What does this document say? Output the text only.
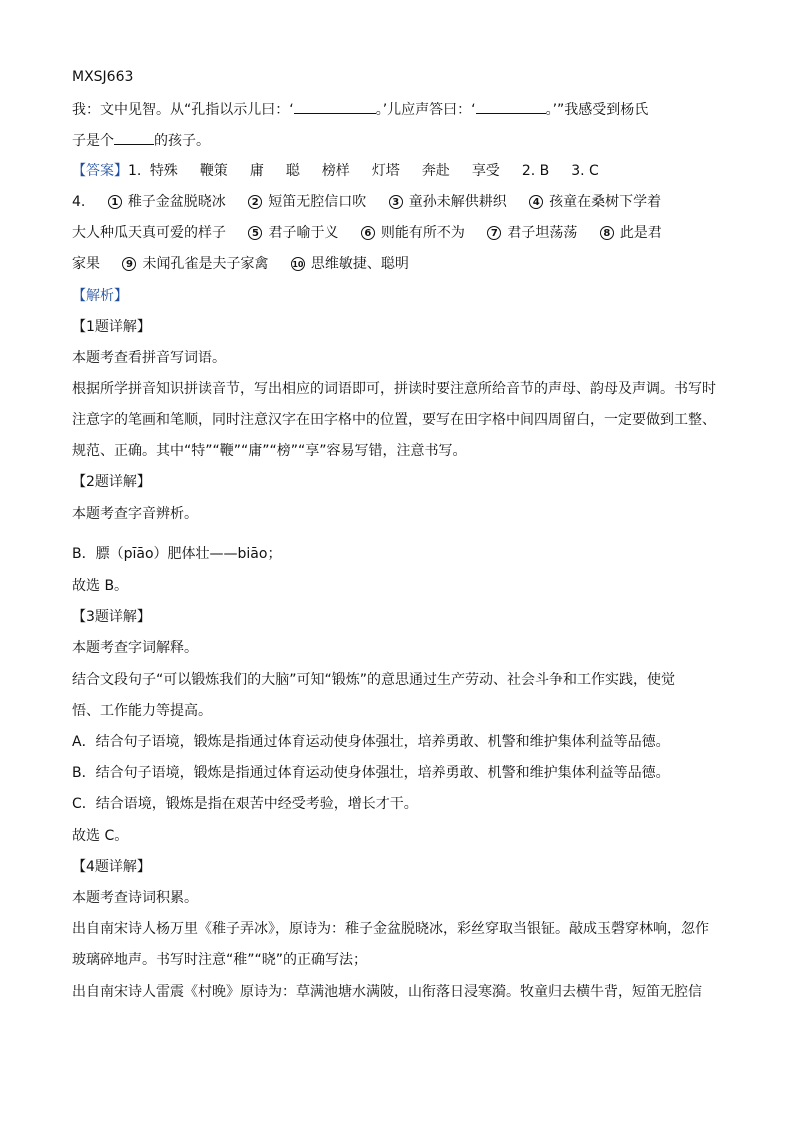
MXSJ663
我：文中见智。从“孔指以示儿曰：‘	。’儿应声答曰：‘	。’”我感受到杨氏
子是个	的孩子。
【答案】1. 特殊 鞭策 庸 聪 榜样 灯塔 奔赴 享受 2. B 3. C
4.	1 稚子金盆脱晓冰	2 短笛无腔信口吹	3 童孙未解供耕织	4 孩童在桑树下学着
大人种瓜天真可爱的样子	5 君子喻于义	6 则能有所不为	7 君子坦荡荡	8 此是君
家果	9 未闻孔雀是夫子家禽	10 思维敏捷、聪明
【解析】
【1题详解】
本题考查看拼音写词语。
根据所学拼音知识拼读音节，写出相应的词语即可，拼读时要注意所给音节的声母、韵母及声调。书写时
注意字的笔画和笔顺，同时注意汉字在田字格中的位置，要写在田字格中间四周留白，一定要做到工整、
规范、正确。其中“特”“鞭”“庸”“榜”“享”容易写错，注意书写。
【2题详解】
本题考查字音辨析。
B．膘（pīāo）肥体壮——biāo；
故选 B。
【3题详解】
本题考查字词解释。
结合文段句子“可以锻炼我们的大脑”可知“锻炼”的意思通过生产劳动、社会斗争和工作实践，使觉
悟、工作能力等提高。
A．结合句子语境，锻炼是指通过体育运动使身体强壮，培养勇敢、机警和维护集体利益等品德。
B．结合句子语境，锻炼是指通过体育运动使身体强壮，培养勇敢、机警和维护集体利益等品德。
C．结合语境，锻炼是指在艰苦中经受考验，增长才干。
故选 C。
【4题详解】
本题考查诗词积累。
出自南宋诗人杨万里《稚子弄冰》，原诗为：稚子金盆脱晓冰，彩丝穿取当银钲。敲成玉磬穿林响，忽作
玻璃碎地声。书写时注意“稚”“晓”的正确写法；
出自南宋诗人雷震《村晚》原诗为：草满池塘水满陂，山衔落日浸寒漪。牧童归去横牛背，短笛无腔信
